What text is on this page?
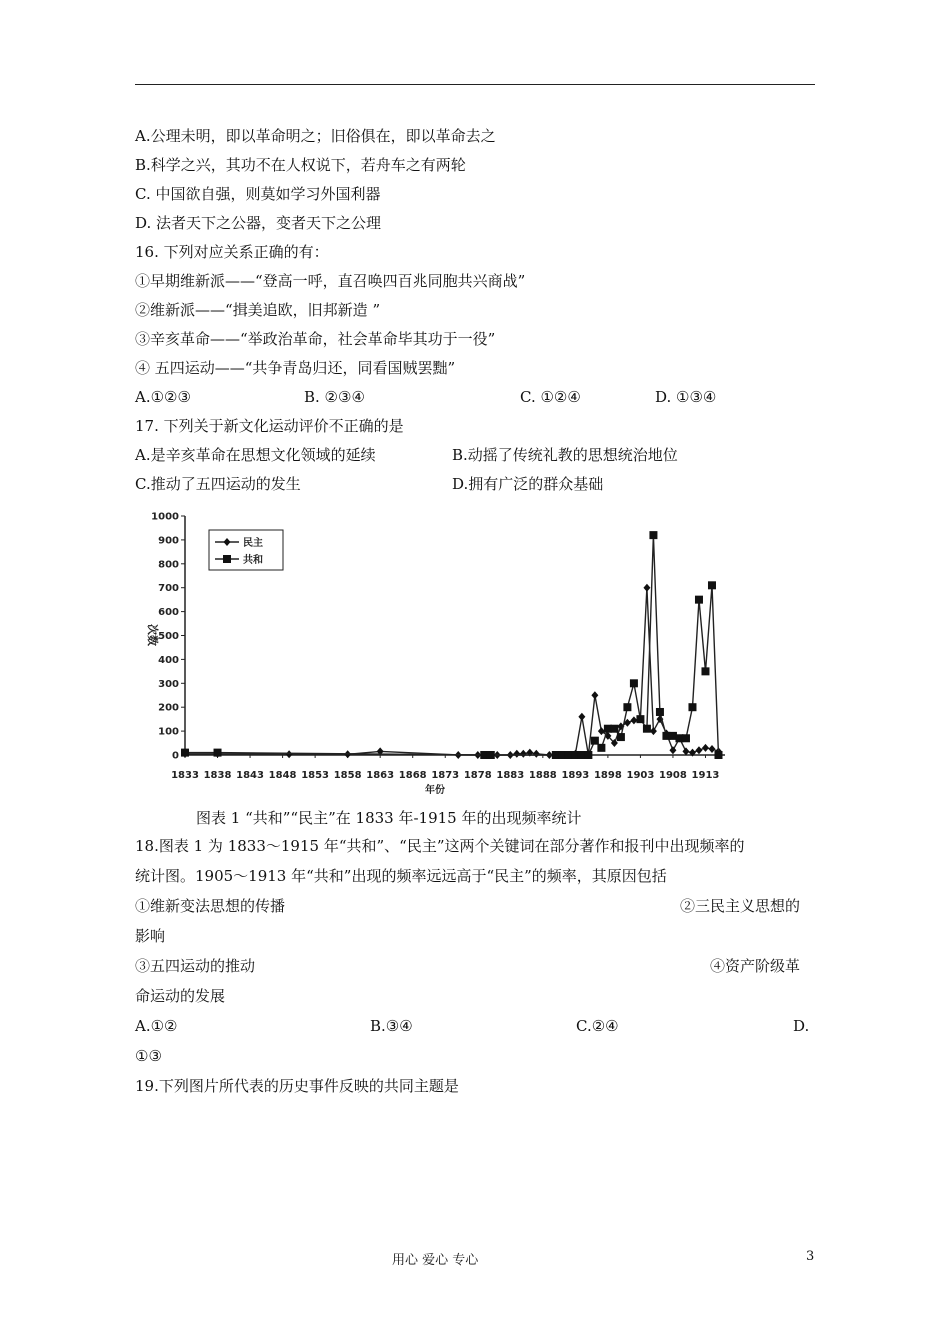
A.公理未明，即以革命明之；旧俗俱在，即以革命去之
B.科学之兴，其功不在人权说下，若舟车之有两轮
C. 中国欲自强，则莫如学习外国利器
D. 法者天下之公器，变者天下之公理
16. 下列对应关系正确的有：
①早期维新派——“登高一呼，直召唤四百兆同胞共兴商战”
②维新派——“揖美追欧，旧邦新造 ”
③辛亥革命——“举政治革命，社会革命毕其功于一役”
④ 五四运动——“共争青岛归还，同看国贼罢黜”
A.①②③	B. ②③④	C. ①②④	D. ①③④
17. 下列关于新文化运动评价不正确的是
A.是辛亥革命在思想文化领域的延续	B.动摇了传统礼教的思想统治地位
C.推动了五四运动的发生	D.拥有广泛的群众基础
0
100
200
300
400
500
600
700
800
900
1000
1833 1838 1843 1848 1853 1858 1863 1868 1873 1878 1883 1888 1893 1898 1903 1908 1913
年份
次数
民主
共和
图表 1 “共和”“民主”在 1833 年-1915 年的出现频率统计
18.图表 1 为 1833～1915 年“共和”、“民主”这两个关键词在部分著作和报刊中出现频率的
统计图。1905～1913 年“共和”出现的频率远远高于“民主”的频率，其原因包括
①维新变法思想的传播	②三民主义思想的
影响
③五四运动的推动	④资产阶级革
命运动的发展
A.①②	B.③④	C.②④	D.
①③
19.下列图片所代表的历史事件反映的共同主题是
用心 爱心 专心	3
